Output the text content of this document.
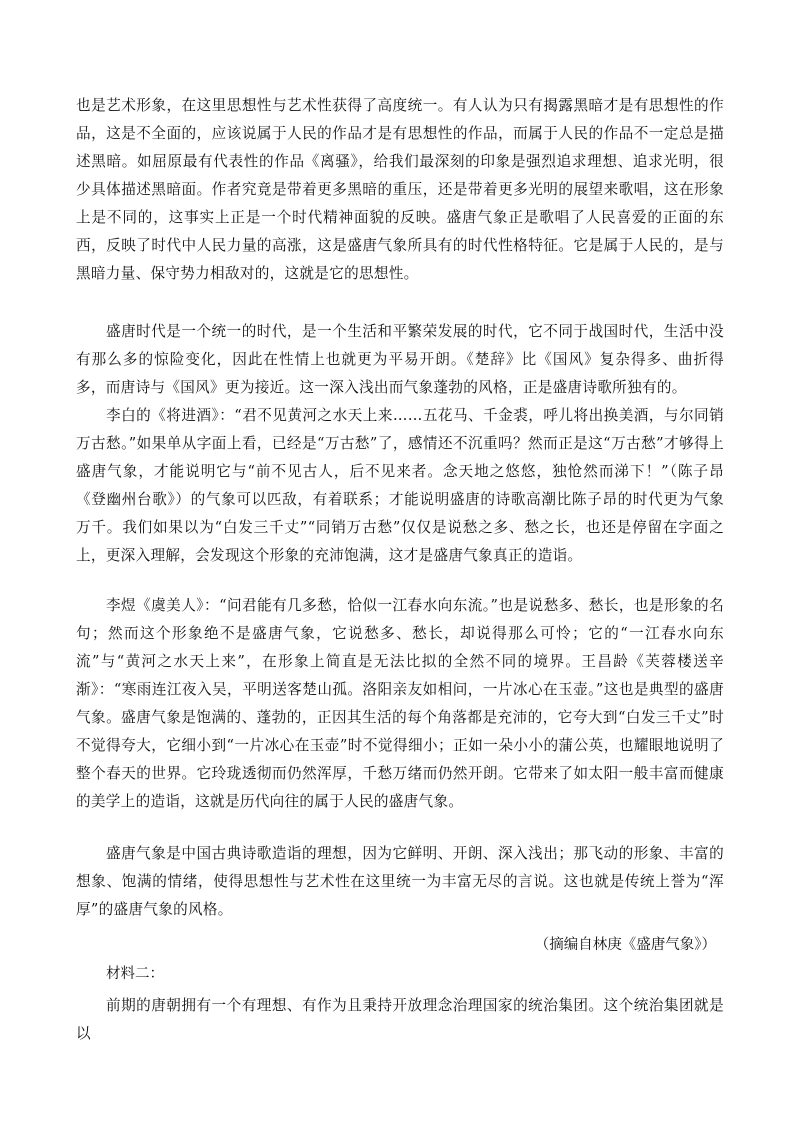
也是艺术形象，在这里思想性与艺术性获得了高度统一。有人认为只有揭露黑暗才是有思想性的作品，这是不全面的，应该说属于人民的作品才是有思想性的作品，而属于人民的作品不一定总是描述黑暗。如屈原最有代表性的作品《离骚》，给我们最深刻的印象是强烈追求理想、追求光明，很少具体描述黑暗面。作者究竟是带着更多黑暗的重压，还是带着更多光明的展望来歌唱，这在形象上是不同的，这事实上正是一个时代精神面貌的反映。盛唐气象正是歌唱了人民喜爱的正面的东西，反映了时代中人民力量的高涨，这是盛唐气象所具有的时代性格特征。它是属于人民的，是与黑暗力量、保守势力相敌对的，这就是它的思想性。

盛唐时代是一个统一的时代，是一个生活和平繁荣发展的时代，它不同于战国时代，生活中没有那么多的惊险变化，因此在性情上也就更为平易开朗。《楚辞》比《国风》复杂得多、曲折得多，而唐诗与《国风》更为接近。这一深入浅出而气象蓬勃的风格，正是盛唐诗歌所独有的。

李白的《将进酒》：“君不见黄河之水天上来……五花马、千金裘，呼儿将出换美酒，与尔同销万古愁。”如果单从字面上看，已经是“万古愁”了，感情还不沉重吗？然而正是这“万古愁”才够得上盛唐气象，才能说明它与“前不见古人，后不见来者。念天地之悠悠，独怆然而涕下！”（陈子昂《登幽州台歌》）的气象可以匹敌，有着联系；才能说明盛唐的诗歌高潮比陈子昂的时代更为气象万千。我们如果以为“白发三千丈”“同销万古愁”仅仅是说愁之多、愁之长，也还是停留在字面之上，更深入理解，会发现这个形象的充沛饱满，这才是盛唐气象真正的造诣。

李煜《虞美人》：“问君能有几多愁，恰似一江春水向东流。”也是说愁多、愁长，也是形象的名句；然而这个形象绝不是盛唐气象，它说愁多、愁长，却说得那么可怜；它的“一江春水向东流”与“黄河之水天上来”，在形象上简直是无法比拟的全然不同的境界。王昌龄《芙蓉楼送辛渐》：“寒雨连江夜入吴，平明送客楚山孤。洛阳亲友如相问，一片冰心在玉壶。”这也是典型的盛唐气象。盛唐气象是饱满的、蓬勃的，正因其生活的每个角落都是充沛的，它夸大到“白发三千丈”时不觉得夸大，它细小到“一片冰心在玉壶”时不觉得细小；正如一朵小小的蒲公英，也耀眼地说明了整个春天的世界。它玲珑透彻而仍然浑厚，千愁万绪而仍然开朗。它带来了如太阳一般丰富而健康的美学上的造诣，这就是历代向往的属于人民的盛唐气象。

盛唐气象是中国古典诗歌造诣的理想，因为它鲜明、开朗、深入浅出；那飞动的形象、丰富的想象、饱满的情绪，使得思想性与艺术性在这里统一为丰富无尽的言说。这也就是传统上誉为“浑厚”的盛唐气象的风格。

（摘编自林庚《盛唐气象》）
材料二：

前期的唐朝拥有一个有理想、有作为且秉持开放理念治理国家的统治集团。这个统治集团就是以
